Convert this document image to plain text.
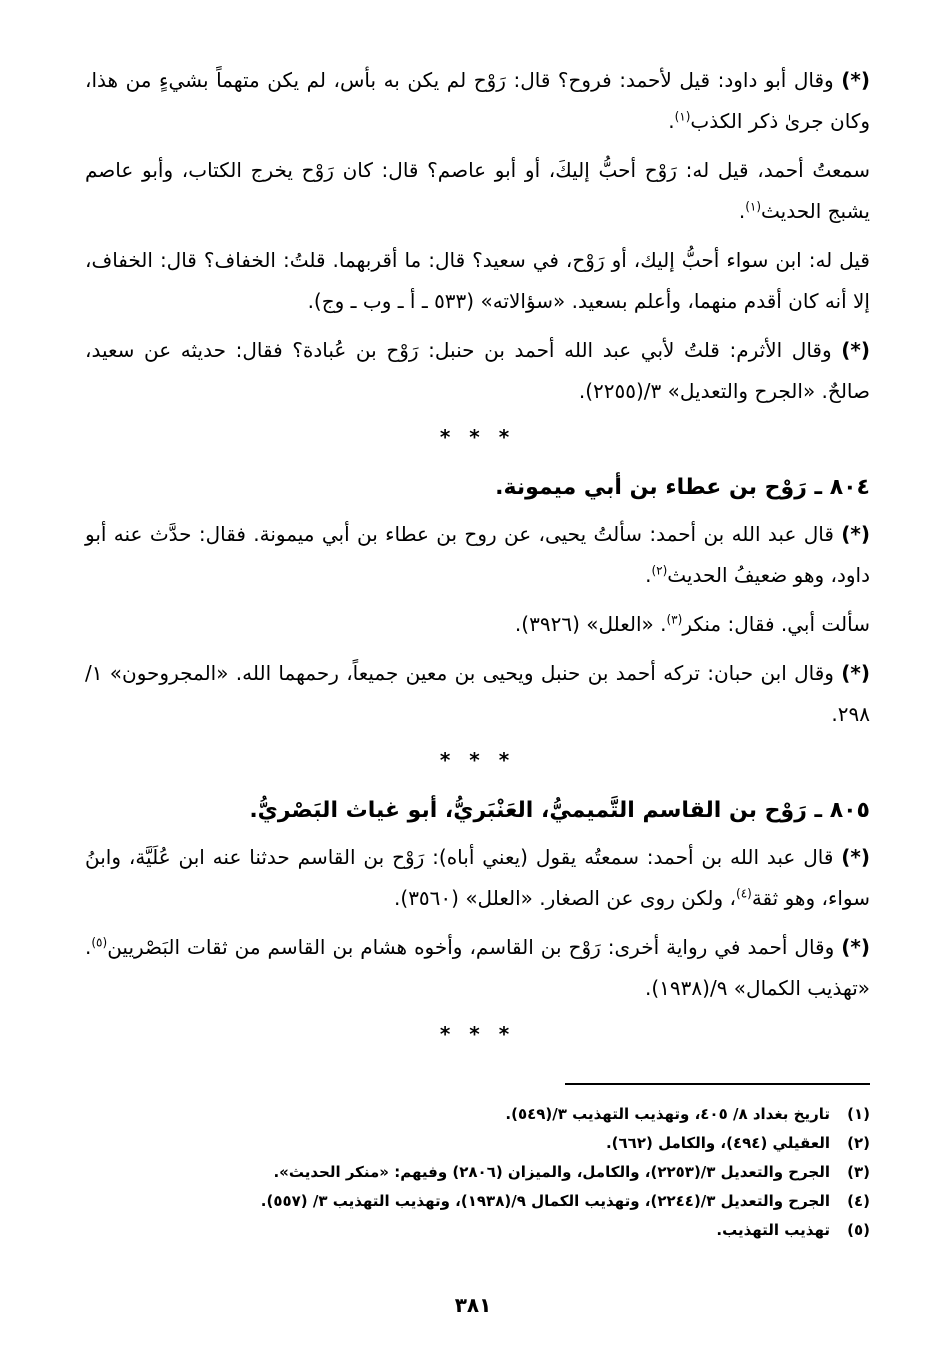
(*) وقال أبو داود: قيل لأحمد: فروح؟ قال: رَوْح لم يكن به بأس، لم يكن متهماً بشيءٍ من هذا، وكان جرىٰ ذكر الكذب$^{(١)}$.

سمعتُ أحمد، قيل له: رَوْح أحبُّ إليكَ، أو أبو عاصم؟ قال: كان رَوْح يخرج الكتاب، وأبو عاصم يشبج الحديث$^{(١)}$.

قيل له: ابن سواء أحبُّ إليك، أو رَوْح، في سعيد؟ قال: ما أقربهما. قلتُ: الخفاف؟ قال: الخفاف، إلا أنه كان أقدم منهما، وأعلم بسعيد. «سؤالاته» (٥٣٣ ـ أ ـ وب ـ وج).

(*) وقال الأثرم: قلتُ لأبي عبد الله أحمد بن حنبل: رَوْح بن عُبادة؟ فقال: حديثه عن سعيد، صالحٌ. «الجرح والتعديل» ٣/(٢٢٥٥).

* * *
٨٠٤ ـ رَوْح بن عطاء بن أبي ميمونة.

(*) قال عبد الله بن أحمد: سألتُ يحيى، عن روح بن عطاء بن أبي ميمونة. فقال: حدَّث عنه أبو داود، وهو ضعيفُ الحديث$^{(٢)}$.

سألت أبي. فقال: منكر$^{(٣)}$. «العلل» (٣٩٢٦).

(*) وقال ابن حبان: تركه أحمد بن حنبل ويحيى بن معين جميعاً، رحمهما الله. «المجروحون» ١/ ٢٩٨.

* * *
٨٠٥ ـ رَوْح بن القاسم التَّميميُّ، العَنْبَريُّ، أبو غياث البَصْريُّ.

(*) قال عبد الله بن أحمد: سمعتُه يقول (يعني أباه): رَوْح بن القاسم حدثنا عنه ابن عُلَيَّة، وابنُ سواء، وهو ثقة$^{(٤)}$، ولكن روى عن الصغار. «العلل» (٣٥٦٠).

(*) وقال أحمد في رواية أخرى: رَوْح بن القاسم، وأخوه هشام بن القاسم من ثقات البَصْريين$^{(٥)}$. «تهذيب الكمال» ٩/(١٩٣٨).

* * *
(١)تاريخ بغداد ٨/ ٤٠٥، وتهذيب التهذيب ٣/(٥٤٩).
(٢)العقيلي (٤٩٤)، والكامل (٦٦٢).
(٣)الجرح والتعديل ٣/(٢٢٥٣)، والكامل، والميزان (٢٨٠٦) وفيهم: «منكر الحديث».
(٤)الجرح والتعديل ٣/(٢٢٤٤)، وتهذيب الكمال ٩/(١٩٣٨)، وتهذيب التهذيب ٣/ (٥٥٧).
(٥)تهذيب التهذيب.
٣٨١
